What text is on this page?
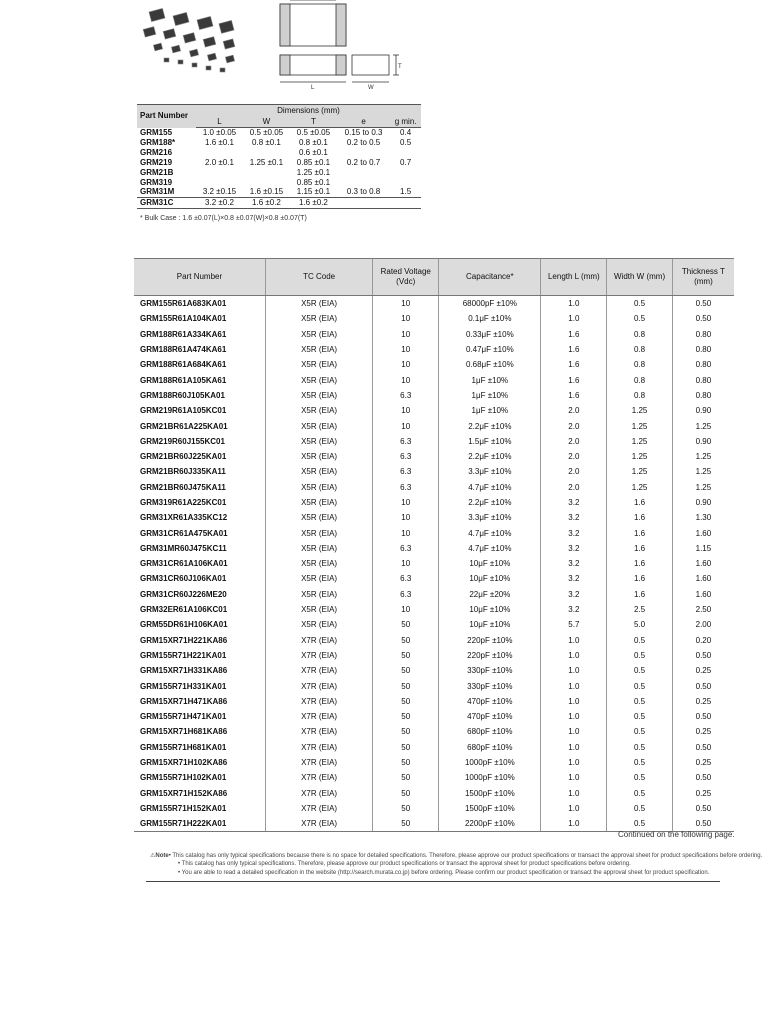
L	W
T
Part Number	Dimensions (mm)				
	L	W	T	e	g min.
GRM155	1.0 ±0.05	0.5 ±0.05	0.5 ±0.05	0.15 to 0.3	0.4
GRM188*	1.6 ±0.1	0.8 ±0.1	0.8 ±0.1	0.2 to 0.5	0.5
GRM216			0.6 ±0.1		
GRM219	2.0 ±0.1	1.25 ±0.1	0.85 ±0.1	0.2 to 0.7	0.7
GRM21B			1.25 ±0.1		
GRM319			0.85 ±0.1		
GRM31M	3.2 ±0.15	1.6 ±0.15	1.15 ±0.1	0.3 to 0.8	1.5
GRM31C	3.2 ±0.2	1.6 ±0.2	1.6 ±0.2		
* Bulk Case : 1.6 ±0.07(L)×0.8 ±0.07(W)×0.8 ±0.07(T)
Part Number	TC Code	Rated Voltage (Vdc)	Capacitance*	Length L (mm)	Width W (mm)	Thickness T (mm)
GRM155R61A683KA01	X5R (EIA)	10	68000pF ±10%	1.0	0.5	0.50
GRM155R61A104KA01	X5R (EIA)	10	0.1μF ±10%	1.0	0.5	0.50
GRM188R61A334KA61	X5R (EIA)	10	0.33μF ±10%	1.6	0.8	0.80
GRM188R61A474KA61	X5R (EIA)	10	0.47μF ±10%	1.6	0.8	0.80
GRM188R61A684KA61	X5R (EIA)	10	0.68μF ±10%	1.6	0.8	0.80
GRM188R61A105KA61	X5R (EIA)	10	1μF ±10%	1.6	0.8	0.80
GRM188R60J105KA01	X5R (EIA)	6.3	1μF ±10%	1.6	0.8	0.80
GRM219R61A105KC01	X5R (EIA)	10	1μF ±10%	2.0	1.25	0.90
GRM21BR61A225KA01	X5R (EIA)	10	2.2μF ±10%	2.0	1.25	1.25
GRM219R60J155KC01	X5R (EIA)	6.3	1.5μF ±10%	2.0	1.25	0.90
GRM21BR60J225KA01	X5R (EIA)	6.3	2.2μF ±10%	2.0	1.25	1.25
GRM21BR60J335KA11	X5R (EIA)	6.3	3.3μF ±10%	2.0	1.25	1.25
GRM21BR60J475KA11	X5R (EIA)	6.3	4.7μF ±10%	2.0	1.25	1.25
GRM319R61A225KC01	X5R (EIA)	10	2.2μF ±10%	3.2	1.6	0.90
GRM31XR61A335KC12	X5R (EIA)	10	3.3μF ±10%	3.2	1.6	1.30
GRM31CR61A475KA01	X5R (EIA)	10	4.7μF ±10%	3.2	1.6	1.60
GRM31MR60J475KC11	X5R (EIA)	6.3	4.7μF ±10%	3.2	1.6	1.15
GRM31CR61A106KA01	X5R (EIA)	10	10μF ±10%	3.2	1.6	1.60
GRM31CR60J106KA01	X5R (EIA)	6.3	10μF ±10%	3.2	1.6	1.60
GRM31CR60J226ME20	X5R (EIA)	6.3	22μF ±20%	3.2	1.6	1.60
GRM32ER61A106KC01	X5R (EIA)	10	10μF ±10%	3.2	2.5	2.50
GRM55DR61H106KA01	X5R (EIA)	50	10μF ±10%	5.7	5.0	2.00
GRM15XR71H221KA86	X7R (EIA)	50	220pF ±10%	1.0	0.5	0.20
GRM155R71H221KA01	X7R (EIA)	50	220pF ±10%	1.0	0.5	0.50
GRM15XR71H331KA86	X7R (EIA)	50	330pF ±10%	1.0	0.5	0.25
GRM155R71H331KA01	X7R (EIA)	50	330pF ±10%	1.0	0.5	0.50
GRM15XR71H471KA86	X7R (EIA)	50	470pF ±10%	1.0	0.5	0.25
GRM155R71H471KA01	X7R (EIA)	50	470pF ±10%	1.0	0.5	0.50
GRM15XR71H681KA86	X7R (EIA)	50	680pF ±10%	1.0	0.5	0.25
GRM155R71H681KA01	X7R (EIA)	50	680pF ±10%	1.0	0.5	0.50
GRM15XR71H102KA86	X7R (EIA)	50	1000pF ±10%	1.0	0.5	0.25
GRM155R71H102KA01	X7R (EIA)	50	1000pF ±10%	1.0	0.5	0.50
GRM15XR71H152KA86	X7R (EIA)	50	1500pF ±10%	1.0	0.5	0.25
GRM155R71H152KA01	X7R (EIA)	50	1500pF ±10%	1.0	0.5	0.50
GRM155R71H222KA01	X7R (EIA)	50	2200pF ±10%	1.0	0.5	0.50
Continued on the following page.
⚠Note • This catalog has only typical specifications because there is no space for detailed specifications. Therefore, please approve our product specifications or transact the approval sheet for product specifications before ordering.
• This catalog has only typical specifications. Therefore, please approve our product specifications or transact the approval sheet for product specifications before ordering.
• You are able to read a detailed specification in the website (http://search.murata.co.jp) before ordering. Please confirm our product specification or transact the approval sheet for product specification.
